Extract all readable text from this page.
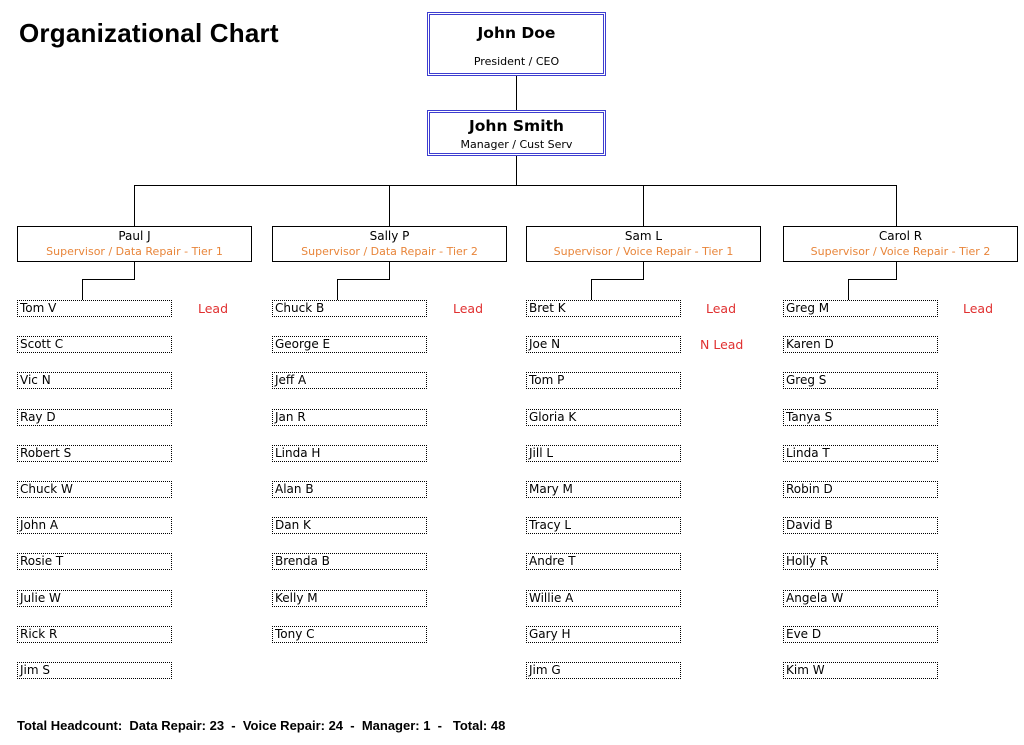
Organizational Chart	John Doe
President / CEO
John Smith
Manager / Cust Serv
Paul J
Supervisor / Data Repair - Tier 1
Tom V	Lead
Scott C
Vic N
Ray D
Robert S
Chuck W
John A
Rosie T
Julie W
Rick R
Jim S
Sally P
Supervisor / Data Repair - Tier 2
Chuck B	Lead
George E
Jeff A
Jan R
Linda H
Alan B
Dan K
Brenda B
Kelly M
Tony C
Sam L
Supervisor / Voice Repair - Tier 1
Bret K	Lead
Joe N	N Lead
Tom P
Gloria K
Jill L
Mary M
Tracy L
Andre T
Willie A
Gary H
Jim G
Carol R
Supervisor / Voice Repair - Tier 2
Greg M	Lead
Karen D
Greg S
Tanya S
Linda T
Robin D
David B
Holly R
Angela W
Eve D
Kim W
Total Headcount:  Data Repair: 23  -  Voice Repair: 24  -  Manager: 1  -   Total: 48
